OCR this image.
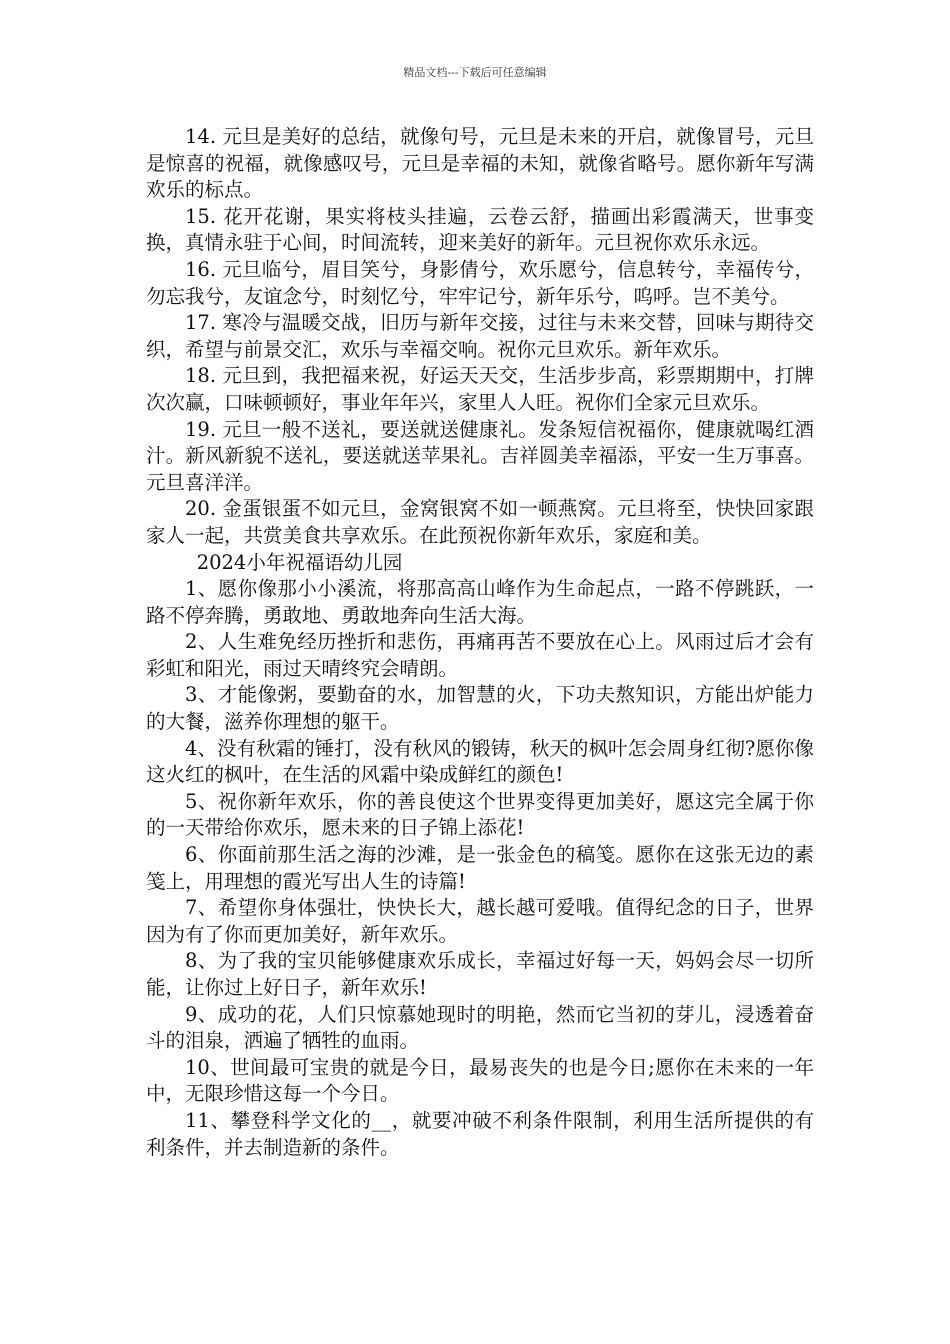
精品文档---下载后可任意编辑

14. 元旦是美好的总结，就像句号，元旦是未来的开启，就像冒号，元旦是惊喜的祝福，就像感叹号，元旦是幸福的未知，就像省略号。愿你新年写满欢乐的标点。

15. 花开花谢，果实将枝头挂遍，云卷云舒，描画出彩霞满天，世事变换，真情永驻于心间，时间流转，迎来美好的新年。元旦祝你欢乐永远。

16. 元旦临兮，眉目笑兮，身影倩兮，欢乐愿兮，信息转兮，幸福传兮，勿忘我兮，友谊念兮，时刻忆兮，牢牢记兮，新年乐兮，呜呼。岂不美兮。

17. 寒冷与温暖交战，旧历与新年交接，过往与未来交替，回味与期待交织，希望与前景交汇，欢乐与幸福交响。祝你元旦欢乐。新年欢乐。

18. 元旦到，我把福来祝，好运天天交，生活步步高，彩票期期中，打牌次次赢，口味顿顿好，事业年年兴，家里人人旺。祝你们全家元旦欢乐。

19. 元旦一般不送礼，要送就送健康礼。发条短信祝福你，健康就喝红酒汁。新风新貌不送礼，要送就送苹果礼。吉祥圆美幸福添，平安一生万事喜。元旦喜洋洋。

20. 金蛋银蛋不如元旦，金窝银窝不如一顿燕窝。元旦将至，快快回家跟家人一起，共赏美食共享欢乐。在此预祝你新年欢乐，家庭和美。

2024小年祝福语幼儿园

1、愿你像那小小溪流，将那高高山峰作为生命起点，一路不停跳跃，一路不停奔腾，勇敢地、勇敢地奔向生活大海。

2、人生难免经历挫折和悲伤，再痛再苦不要放在心上。风雨过后才会有彩虹和阳光，雨过天晴终究会晴朗。

3、才能像粥，要勤奋的水，加智慧的火，下功夫熬知识，方能出炉能力的大餐，滋养你理想的躯干。

4、没有秋霜的锤打，没有秋风的锻铸，秋天的枫叶怎会周身红彻?愿你像这火红的枫叶，在生活的风霜中染成鲜红的颜色!

5、祝你新年欢乐，你的善良使这个世界变得更加美好，愿这完全属于你的一天带给你欢乐，愿未来的日子锦上添花!

6、你面前那生活之海的沙滩，是一张金色的稿笺。愿你在这张无边的素笺上，用理想的霞光写出人生的诗篇!

7、希望你身体强壮，快快长大，越长越可爱哦。值得纪念的日子，世界因为有了你而更加美好，新年欢乐。

8、为了我的宝贝能够健康欢乐成长，幸福过好每一天，妈妈会尽一切所能，让你过上好日子，新年欢乐!

9、成功的花，人们只惊慕她现时的明艳，然而它当初的芽儿，浸透着奋斗的泪泉，洒遍了牺牲的血雨。

10、世间最可宝贵的就是今日，最易丧失的也是今日;愿你在未来的一年中，无限珍惜这每一个今日。

11、攀登科学文化的__，就要冲破不利条件限制，利用生活所提供的有利条件，并去制造新的条件。
